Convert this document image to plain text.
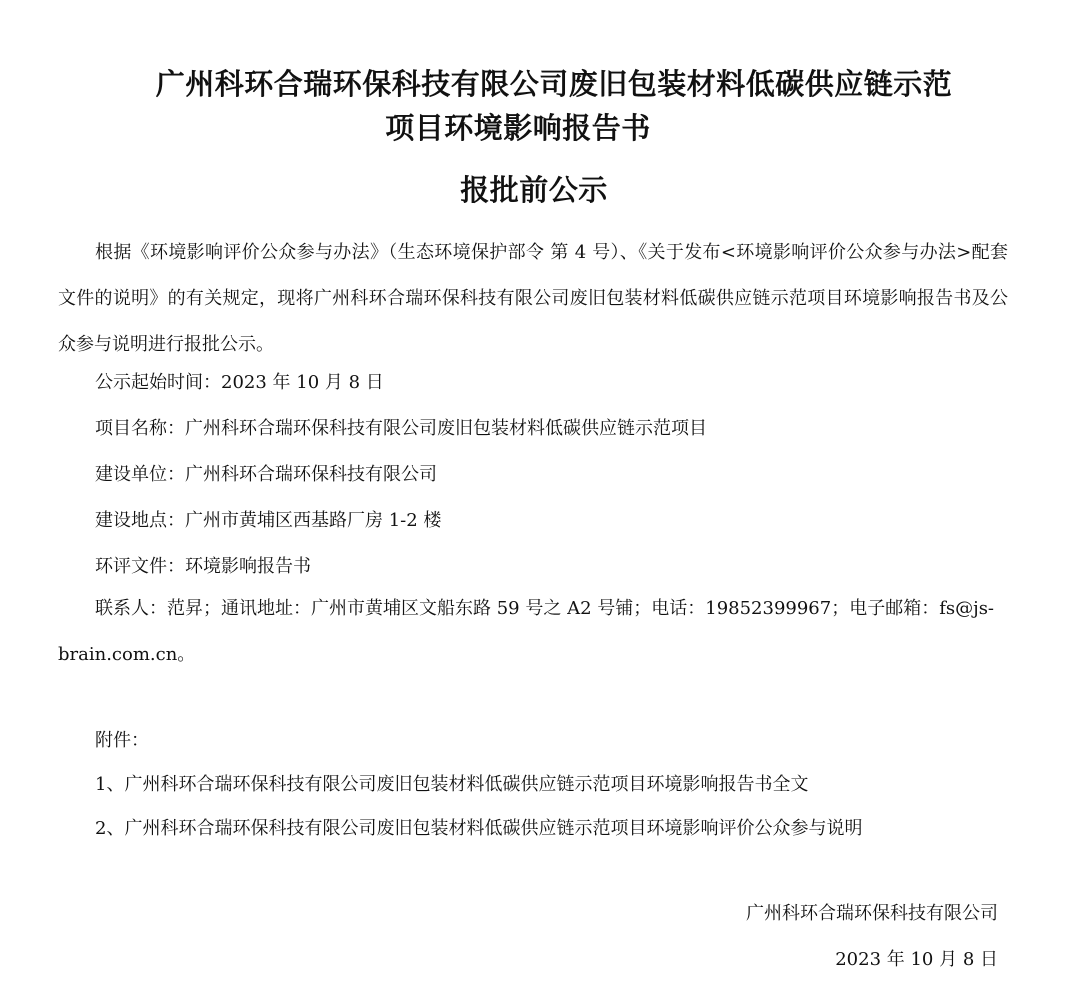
广州科环合瑞环保科技有限公司废旧包装材料低碳供应链示范
项目环境影响报告书
报批前公示

根据《环境影响评价公众参与办法》（生态环境保护部令 第 4 号）、《关于发布<环境影响评价公众参与办法>配套文件的说明》的有关规定，现将广州科环合瑞环保科技有限公司废旧包装材料低碳供应链示范项目环境影响报告书及公众参与说明进行报批公示。

公示起始时间：2023 年 10 月 8 日

项目名称：广州科环合瑞环保科技有限公司废旧包装材料低碳供应链示范项目

建设单位：广州科环合瑞环保科技有限公司

建设地点：广州市黄埔区西基路厂房 1-2 楼

环评文件：环境影响报告书

联系人：范昇；通讯地址：广州市黄埔区文船东路 59 号之 A2 号铺；电话：19852399967；电子邮箱：fs@js-brain.com.cn。

附件：

1、广州科环合瑞环保科技有限公司废旧包装材料低碳供应链示范项目环境影响报告书全文

2、广州科环合瑞环保科技有限公司废旧包装材料低碳供应链示范项目环境影响评价公众参与说明

广州科环合瑞环保科技有限公司

2023 年 10 月 8 日
